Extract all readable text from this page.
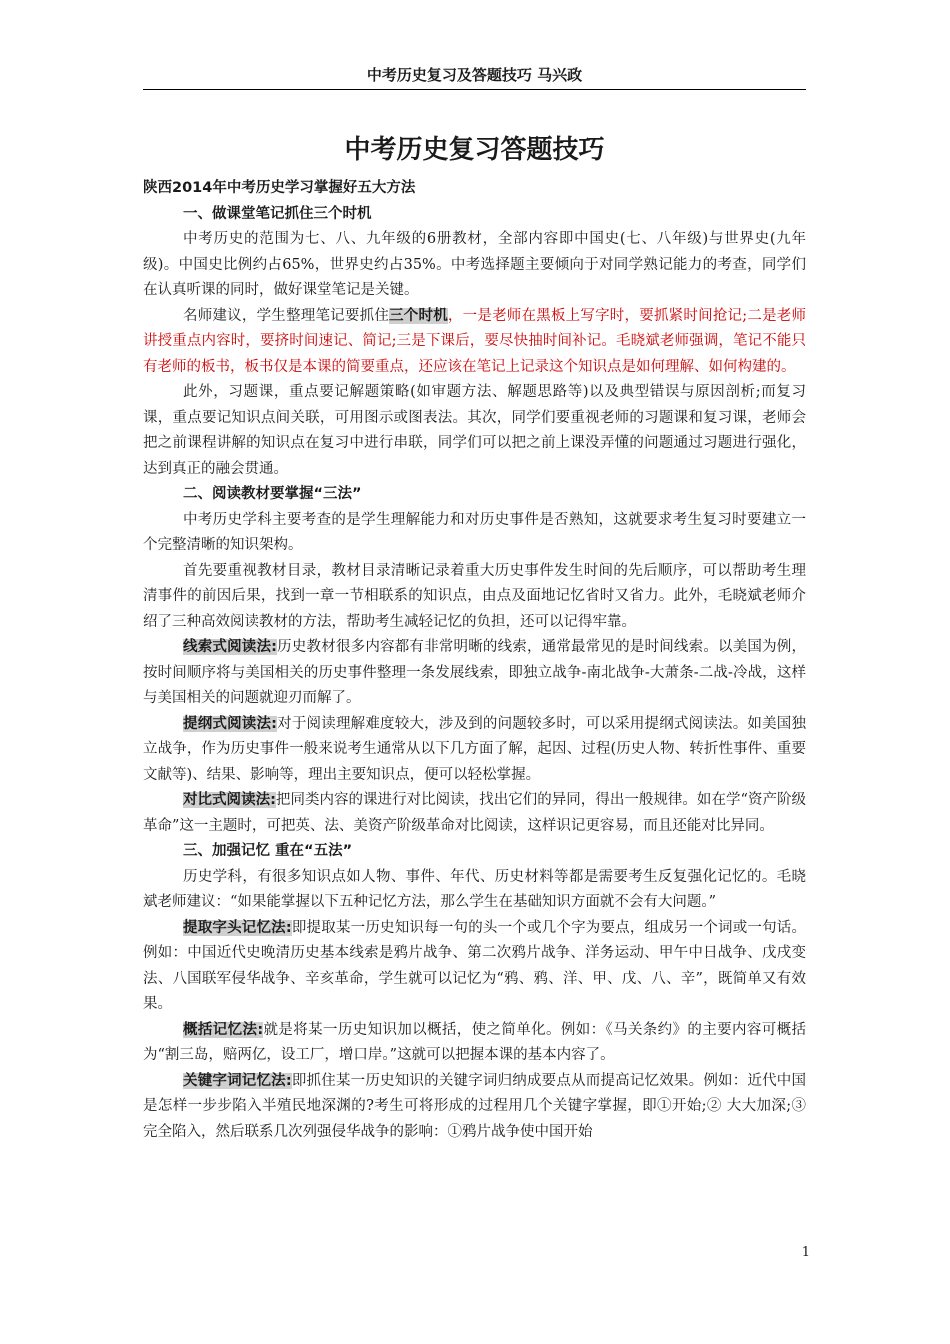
中考历史复习及答题技巧 马兴政
中考历史复习答题技巧

陕西2014年中考历史学习掌握好五大方法

一、做课堂笔记抓住三个时机

中考历史的范围为七、八、九年级的6册教材，全部内容即中国史(七、八年级)与世界史(九年级)。中国史比例约占65%，世界史约占35%。中考选择题主要倾向于对同学熟记能力的考查，同学们在认真听课的同时，做好课堂笔记是关键。

名师建议，学生整理笔记要抓住三个时机，一是老师在黑板上写字时，要抓紧时间抢记;二是老师讲授重点内容时，要挤时间速记、简记;三是下课后，要尽快抽时间补记。毛晓斌老师强调，笔记不能只有老师的板书，板书仅是本课的简要重点，还应该在笔记上记录这个知识点是如何理解、如何构建的。

此外，习题课，重点要记解题策略(如审题方法、解题思路等)以及典型错误与原因剖析;而复习课，重点要记知识点间关联，可用图示或图表法。其次，同学们要重视老师的习题课和复习课，老师会把之前课程讲解的知识点在复习中进行串联，同学们可以把之前上课没弄懂的问题通过习题进行强化，达到真正的融会贯通。

二、阅读教材要掌握“三法”

中考历史学科主要考查的是学生理解能力和对历史事件是否熟知，这就要求考生复习时要建立一个完整清晰的知识架构。

首先要重视教材目录，教材目录清晰记录着重大历史事件发生时间的先后顺序，可以帮助考生理清事件的前因后果，找到一章一节相联系的知识点，由点及面地记忆省时又省力。此外，毛晓斌老师介绍了三种高效阅读教材的方法，帮助考生减轻记忆的负担，还可以记得牢靠。

线索式阅读法:历史教材很多内容都有非常明晰的线索，通常最常见的是时间线索。以美国为例，按时间顺序将与美国相关的历史事件整理一条发展线索，即独立战争-南北战争-大萧条-二战-冷战，这样与美国相关的问题就迎刃而解了。

提纲式阅读法:对于阅读理解难度较大，涉及到的问题较多时，可以采用提纲式阅读法。如美国独立战争，作为历史事件一般来说考生通常从以下几方面了解，起因、过程(历史人物、转折性事件、重要文献等)、结果、影响等，理出主要知识点，便可以轻松掌握。

对比式阅读法:把同类内容的课进行对比阅读，找出它们的异同，得出一般规律。如在学“资产阶级革命”这一主题时，可把英、法、美资产阶级革命对比阅读，这样识记更容易，而且还能对比异同。

三、加强记忆 重在“五法”

历史学科，有很多知识点如人物、事件、年代、历史材料等都是需要考生反复强化记忆的。毛晓斌老师建议：“如果能掌握以下五种记忆方法，那么学生在基础知识方面就不会有大问题。”

提取字头记忆法:即提取某一历史知识每一句的头一个或几个字为要点，组成另一个词或一句话。例如：中国近代史晚清历史基本线索是鸦片战争、第二次鸦片战争、洋务运动、甲午中日战争、戊戌变法、八国联军侵华战争、辛亥革命，学生就可以记忆为“鸦、鸦、洋、甲、戊、八、辛”，既简单又有效果。

概括记忆法:就是将某一历史知识加以概括，使之简单化。例如：《马关条约》的主要内容可概括为“割三岛，赔两亿，设工厂，增口岸。”这就可以把握本课的基本内容了。

关键字词记忆法:即抓住某一历史知识的关键字词归纳成要点从而提高记忆效果。例如：近代中国是怎样一步步陷入半殖民地深渊的?考生可将形成的过程用几个关键字掌握，即①开始;② 大大加深;③ 完全陷入，然后联系几次列强侵华战争的影响：①鸦片战争使中国开始

1
